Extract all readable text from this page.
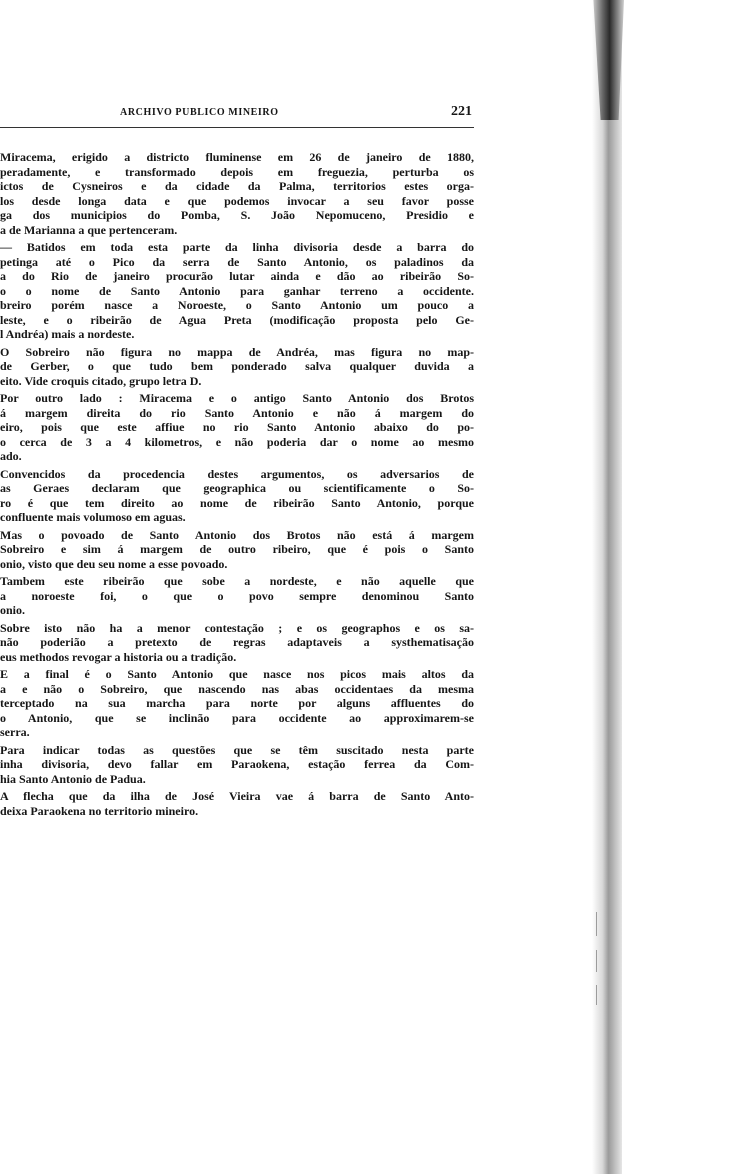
ARCHIVO PUBLICO MINEIRO	221
Miracema, erigido a districto fluminense em 26 de janeiro de 1880,
peradamente, e transformado depois em freguezia, perturba os
ictos de Cysneiros e da cidade da Palma, territorios estes orga-
los desde longa data e que podemos invocar a seu favor posse
ga dos municipios do Pomba, S. João Nepomuceno, Presidio e
a de Marianna a que pertenceram.
— Batidos em toda esta parte da linha divisoria desde a barra do
petinga até o Pico da serra de Santo Antonio, os paladinos da
a do Rio de janeiro procurão lutar ainda e dão ao ribeirão So-
o o nome de Santo Antonio para ganhar terreno a occidente.
breiro porém nasce a Noroeste, o Santo Antonio um pouco a
leste, e o ribeirão de Agua Preta (modificação proposta pelo Ge-
l Andréa) mais a nordeste.
O Sobreiro não figura no mappa de Andréa, mas figura no map-
de Gerber, o que tudo bem ponderado salva qualquer duvida a
eito. Vide croquis citado, grupo letra D.
Por outro lado : Miracema e o antigo Santo Antonio dos Brotos
á margem direita do rio Santo Antonio e não á margem do
eiro, pois que este affiue no rio Santo Antonio abaixo do po-
o cerca de 3 a 4 kilometros, e não poderia dar o nome ao mesmo
ado.
Convencidos da procedencia destes argumentos, os adversarios de
as Geraes declaram que geographica ou scientificamente o So-
ro é que tem direito ao nome de ribeirão Santo Antonio, porque
confluente mais volumoso em aguas.
Mas o povoado de Santo Antonio dos Brotos não está á margem
Sobreiro e sim á margem de outro ribeiro, que é pois o Santo
onio, visto que deu seu nome a esse povoado.
Tambem este ribeirão que sobe a nordeste, e não aquelle que
a noroeste foi, o que o povo sempre denominou Santo
onio.
Sobre isto não ha a menor contestação ; e os geographos e os sa-
não poderião a pretexto de regras adaptaveis a systhematisação
eus methodos revogar a historia ou a tradição.
E a final é o Santo Antonio que nasce nos picos mais altos da
a e não o Sobreiro, que nascendo nas abas occidentaes da mesma
terceptado na sua marcha para norte por alguns affluentes do
o Antonio, que se inclinão para occidente ao approximarem-se
serra.
Para indicar todas as questões que se têm suscitado nesta parte
inha divisoria, devo fallar em Paraokena, estação ferrea da Com-
hia Santo Antonio de Padua.
A flecha que da ilha de José Vieira vae á barra de Santo Anto-
deixa Paraokena no territorio mineiro.
